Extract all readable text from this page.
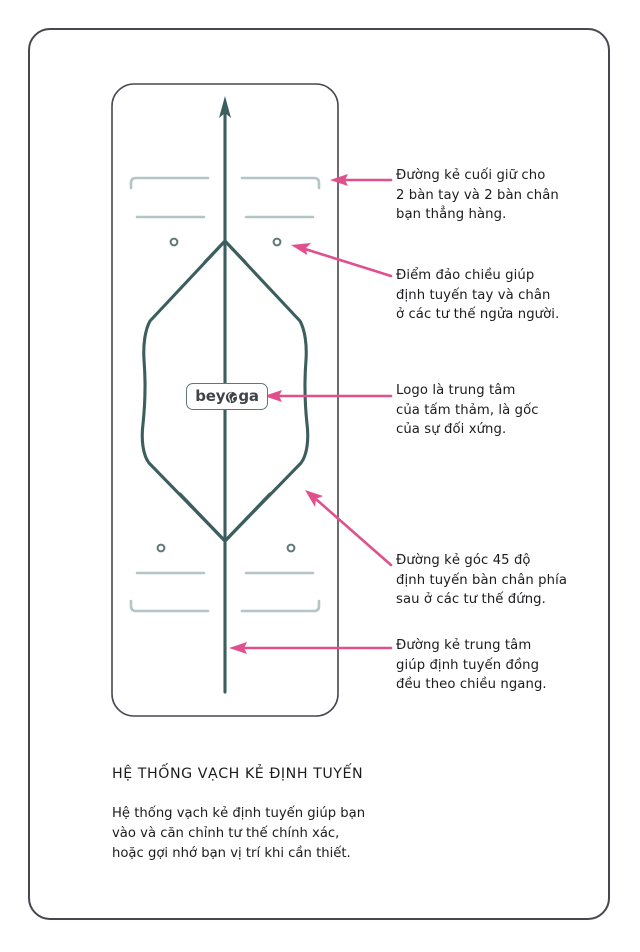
bey ga
Đường kẻ cuối giữ cho
2 bàn tay và 2 bàn chân
bạn thẳng hàng.
Điểm đảo chiều giúp
định tuyến tay và chân
ở các tư thế ngửa người.
Logo là trung tâm
của tấm thảm, là gốc
của sự đối xứng.
Đường kẻ góc 45 độ
định tuyến bàn chân phía
sau ở các tư thế đứng.
Đường kẻ trung tâm
giúp định tuyến đồng
đều theo chiều ngang.
HỆ THỐNG VẠCH KẺ ĐỊNH TUYẾN
Hệ thống vạch kẻ định tuyến giúp bạn
vào và căn chỉnh tư thế chính xác,
hoặc gợi nhớ bạn vị trí khi cần thiết.
